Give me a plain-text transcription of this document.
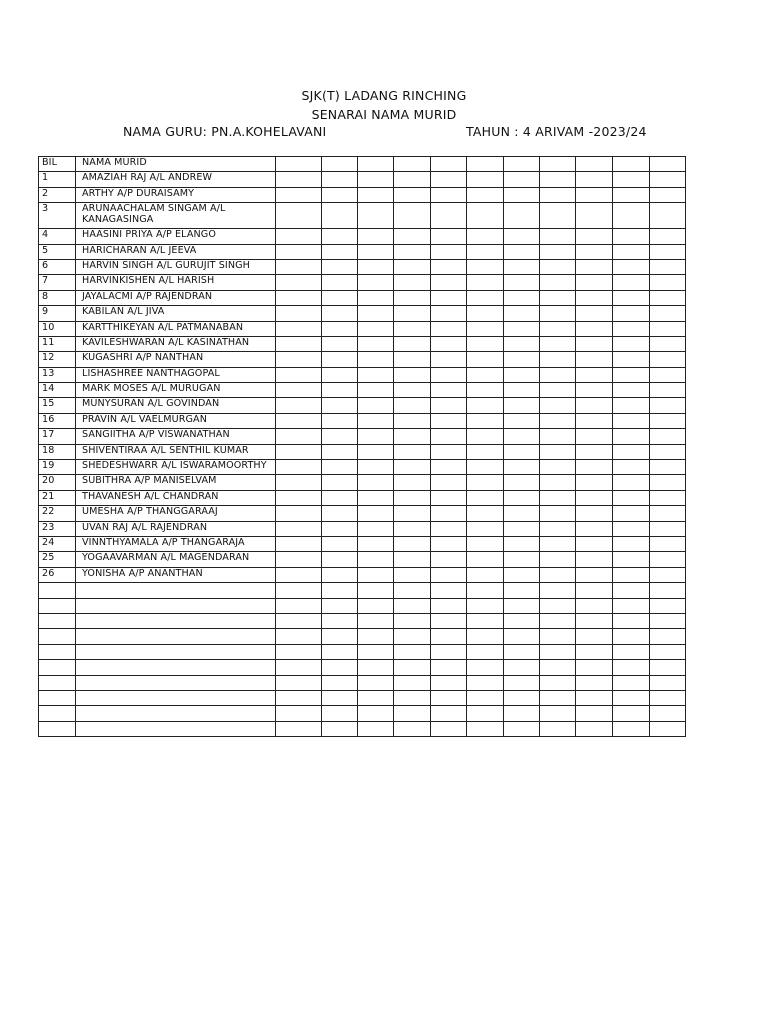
SJK(T) LADANG RINCHING
SENARAI NAMA MURID
NAMA GURU: PN.A.KOHELAVANI	TAHUN : 4 ARIVAM -2023/24
BIL	NAMA MURID											
1	AMAZIAH RAJ A/L ANDREW											
2	ARTHY A/P DURAISAMY											
3	ARUNAACHALAM SINGAM A/L KANAGASINGA											
4	HAASINI PRIYA A/P ELANGO											
5	HARICHARAN A/L JEEVA											
6	HARVIN SINGH A/L GURUJIT SINGH											
7	HARVINKISHEN A/L HARISH											
8	JAYALACMI A/P RAJENDRAN											
9	KABILAN A/L JIVA											
10	KARTTHIKEYAN A/L PATMANABAN											
11	KAVILESHWARAN A/L KASINATHAN											
12	KUGASHRI A/P NANTHAN											
13	LISHASHREE NANTHAGOPAL											
14	MARK MOSES A/L MURUGAN											
15	MUNYSURAN A/L GOVINDAN											
16	PRAVIN A/L VAELMURGAN											
17	SANGIITHA A/P VISWANATHAN											
18	SHIVENTIRAA A/L SENTHIL KUMAR											
19	SHEDESHWARR A/L ISWARAMOORTHY											
20	SUBITHRA A/P MANISELVAM											
21	THAVANESH A/L CHANDRAN											
22	UMESHA A/P THANGGARAAJ											
23	UVAN RAJ A/L RAJENDRAN											
24	VINNTHYAMALA A/P THANGARAJA											
25	YOGAAVARMAN A/L MAGENDARAN											
26	YONISHA A/P ANANTHAN											
